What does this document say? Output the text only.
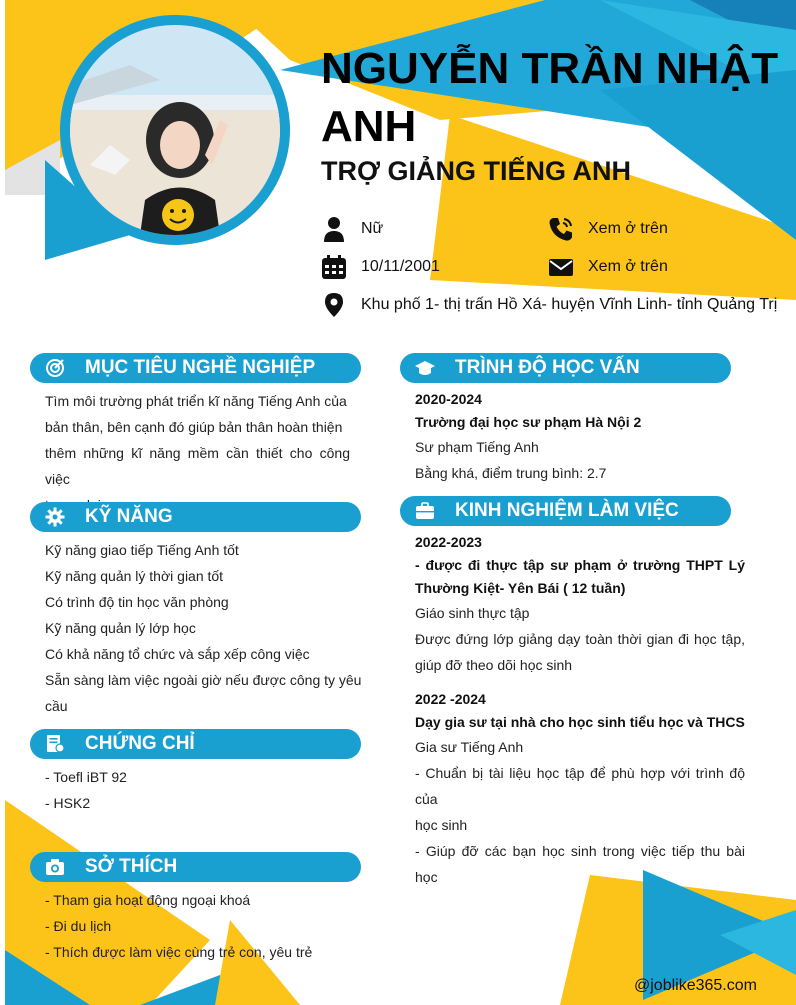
NGUYỄN TRẦN NHẬT ANH
TRỢ GIẢNG TIẾNG ANH
Nữ	Xem ở trên
10/11/2001	Xem ở trên
Khu phố 1- thị trấn Hồ Xá- huyện Vĩnh Linh- tỉnh Quảng Trị
MỤC TIÊU NGHỀ NGHIỆP

Tìm môi trường phát triển kĩ năng Tiếng Anh của

bản thân, bên cạnh đó giúp bản thân hoàn thiện

thêm những kĩ năng mềm cần thiết cho công việc

KỸ NĂNG

Kỹ năng giao tiếp Tiếng Anh tốt

Kỹ năng quản lý thời gian tốt

Có trình độ tin học văn phòng

Kỹ năng quản lý lớp học

Có khả năng tổ chức và sắp xếp công việc

Sẵn sàng làm việc ngoài giờ nếu được công ty yêu

cầu

CHỨNG CHỈ

- Toefl iBT 92

- HSK2

SỞ THÍCH

- Tham gia hoạt động ngoại khoá

- Đi du lịch

- Thích được làm việc cùng trẻ con, yêu trẻ

TRÌNH ĐỘ HỌC VẤN

2020-2024

Trường đại học sư phạm Hà Nội 2

Sư phạm Tiếng Anh

Bằng khá, điểm trung bình: 2.7

KINH NGHIỆM LÀM VIỆC

2022-2023

- được đi thực tập sư phạm ở trường THPT Lý

Thường Kiệt- Yên Bái ( 12 tuần)

Giáo sinh thực tập

Được đứng lớp giảng dạy toàn thời gian đi học tập,

giúp đỡ theo dõi học sinh

2022 -2024

Dạy gia sư tại nhà cho học sinh tiểu học và THCS

Gia sư Tiếng Anh

- Chuẩn bị tài liệu học tập để phù hợp với trình độ của

học sinh

- Giúp đỡ các bạn học sinh trong việc tiếp thu bài

học

@joblike365.com
